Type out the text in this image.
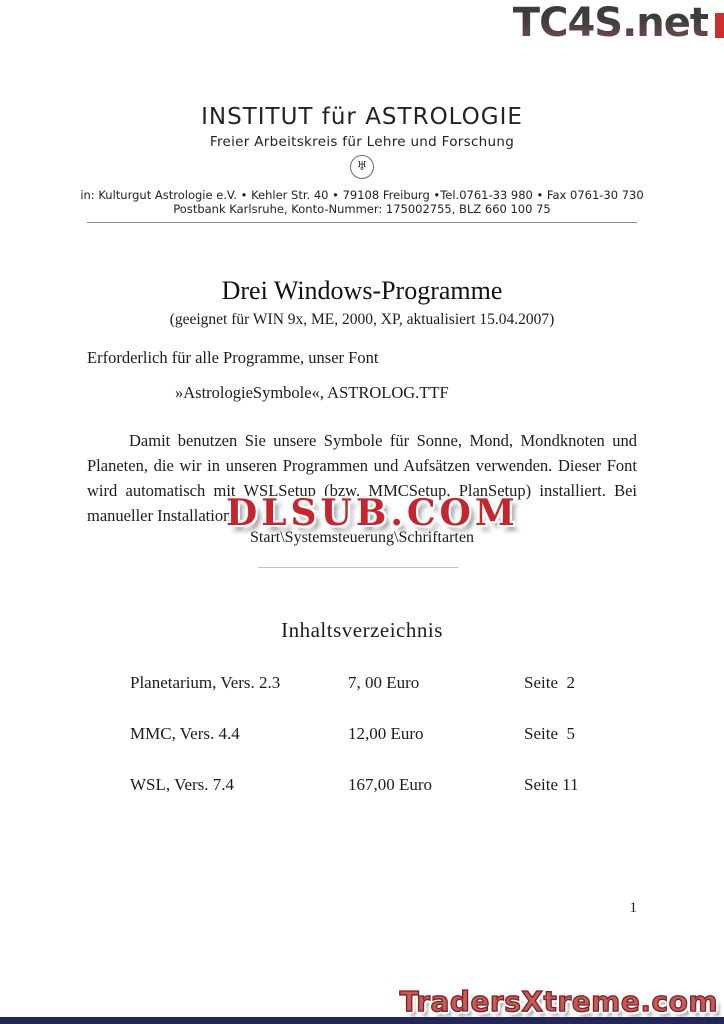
TC4S.net
INSTITUT für ASTROLOGIE
Freier Arbeitskreis für Lehre und Forschung
♅
in: Kulturgut Astrologie e.V. • Kehler Str. 40 • 79108 Freiburg •Tel.0761-33 980 • Fax 0761-30 730
Postbank Karlsruhe, Konto-Nummer: 175002755, BLZ 660 100 75
Drei Windows-Programme
(geeignet für WIN 9x, ME, 2000, XP, aktualisiert 15.04.2007)
Erforderlich für alle Programme, unser Font
»AstrologieSymbole«, ASTROLOG.TTF
Damit benutzen Sie unsere Symbole für Sonne, Mond, Mondknoten und
Planeten, die wir in unseren Programmen und Aufsätzen verwenden. Dieser Font
wird automatisch mit WSLSetup (bzw. MMCSetup, PlanSetup) installiert. Bei
manueller Installation
DLSUB.COM
Start\Systemsteuerung\Schriftarten
Inhaltsverzeichnis
Planetarium, Vers. 2.3	7, 00 Euro	Seite  2
MMC, Vers. 4.4	12,00 Euro	Seite  5
WSL, Vers. 7.4	167,00 Euro	Seite 11
1
TradersXtreme.com
